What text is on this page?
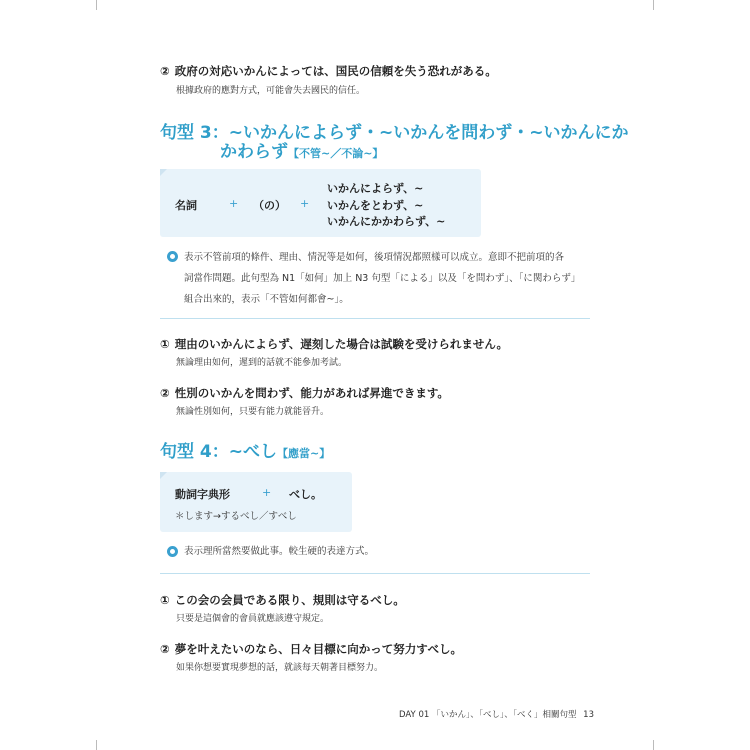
② 政府の対応いかんによっては、国民の信頼を失う恐れがある。
根據政府的應對方式，可能會失去國民的信任。
句型 3：~いかんによらず・~いかんを問わず・~いかんにか
かわらず【不管~／不論~】
名詞	+ （の） +
いかんによらず、~
いかんをとわず、~
いかんにかかわらず、~
表示不管前項的條件、理由、情況等是如何，後項情況都照樣可以成立。意即不把前項的各
詞當作問題。此句型為 N1「如何」加上 N3 句型「による」以及「を問わず」、「に関わらず」
組合出來的，表示「不管如何都會~」。
① 理由のいかんによらず、遅刻した場合は試験を受けられません。
無論理由如何，遲到的話就不能參加考試。
② 性別のいかんを問わず、能力があれば昇進できます。
無論性別如何，只要有能力就能晉升。
句型 4：~べし【應當~】
動詞字典形	+ べし。
＊します→するべし／すべし
表示理所當然要做此事。較生硬的表達方式。
① この会の会員である限り、規則は守るべし。
只要是這個會的會員就應該遵守規定。
② 夢を叶えたいのなら、日々目標に向かって努力すべし。
如果你想要實現夢想的話，就該每天朝著目標努力。
DAY 01 「いかん」、「べし」、「べく」相關句型 13
